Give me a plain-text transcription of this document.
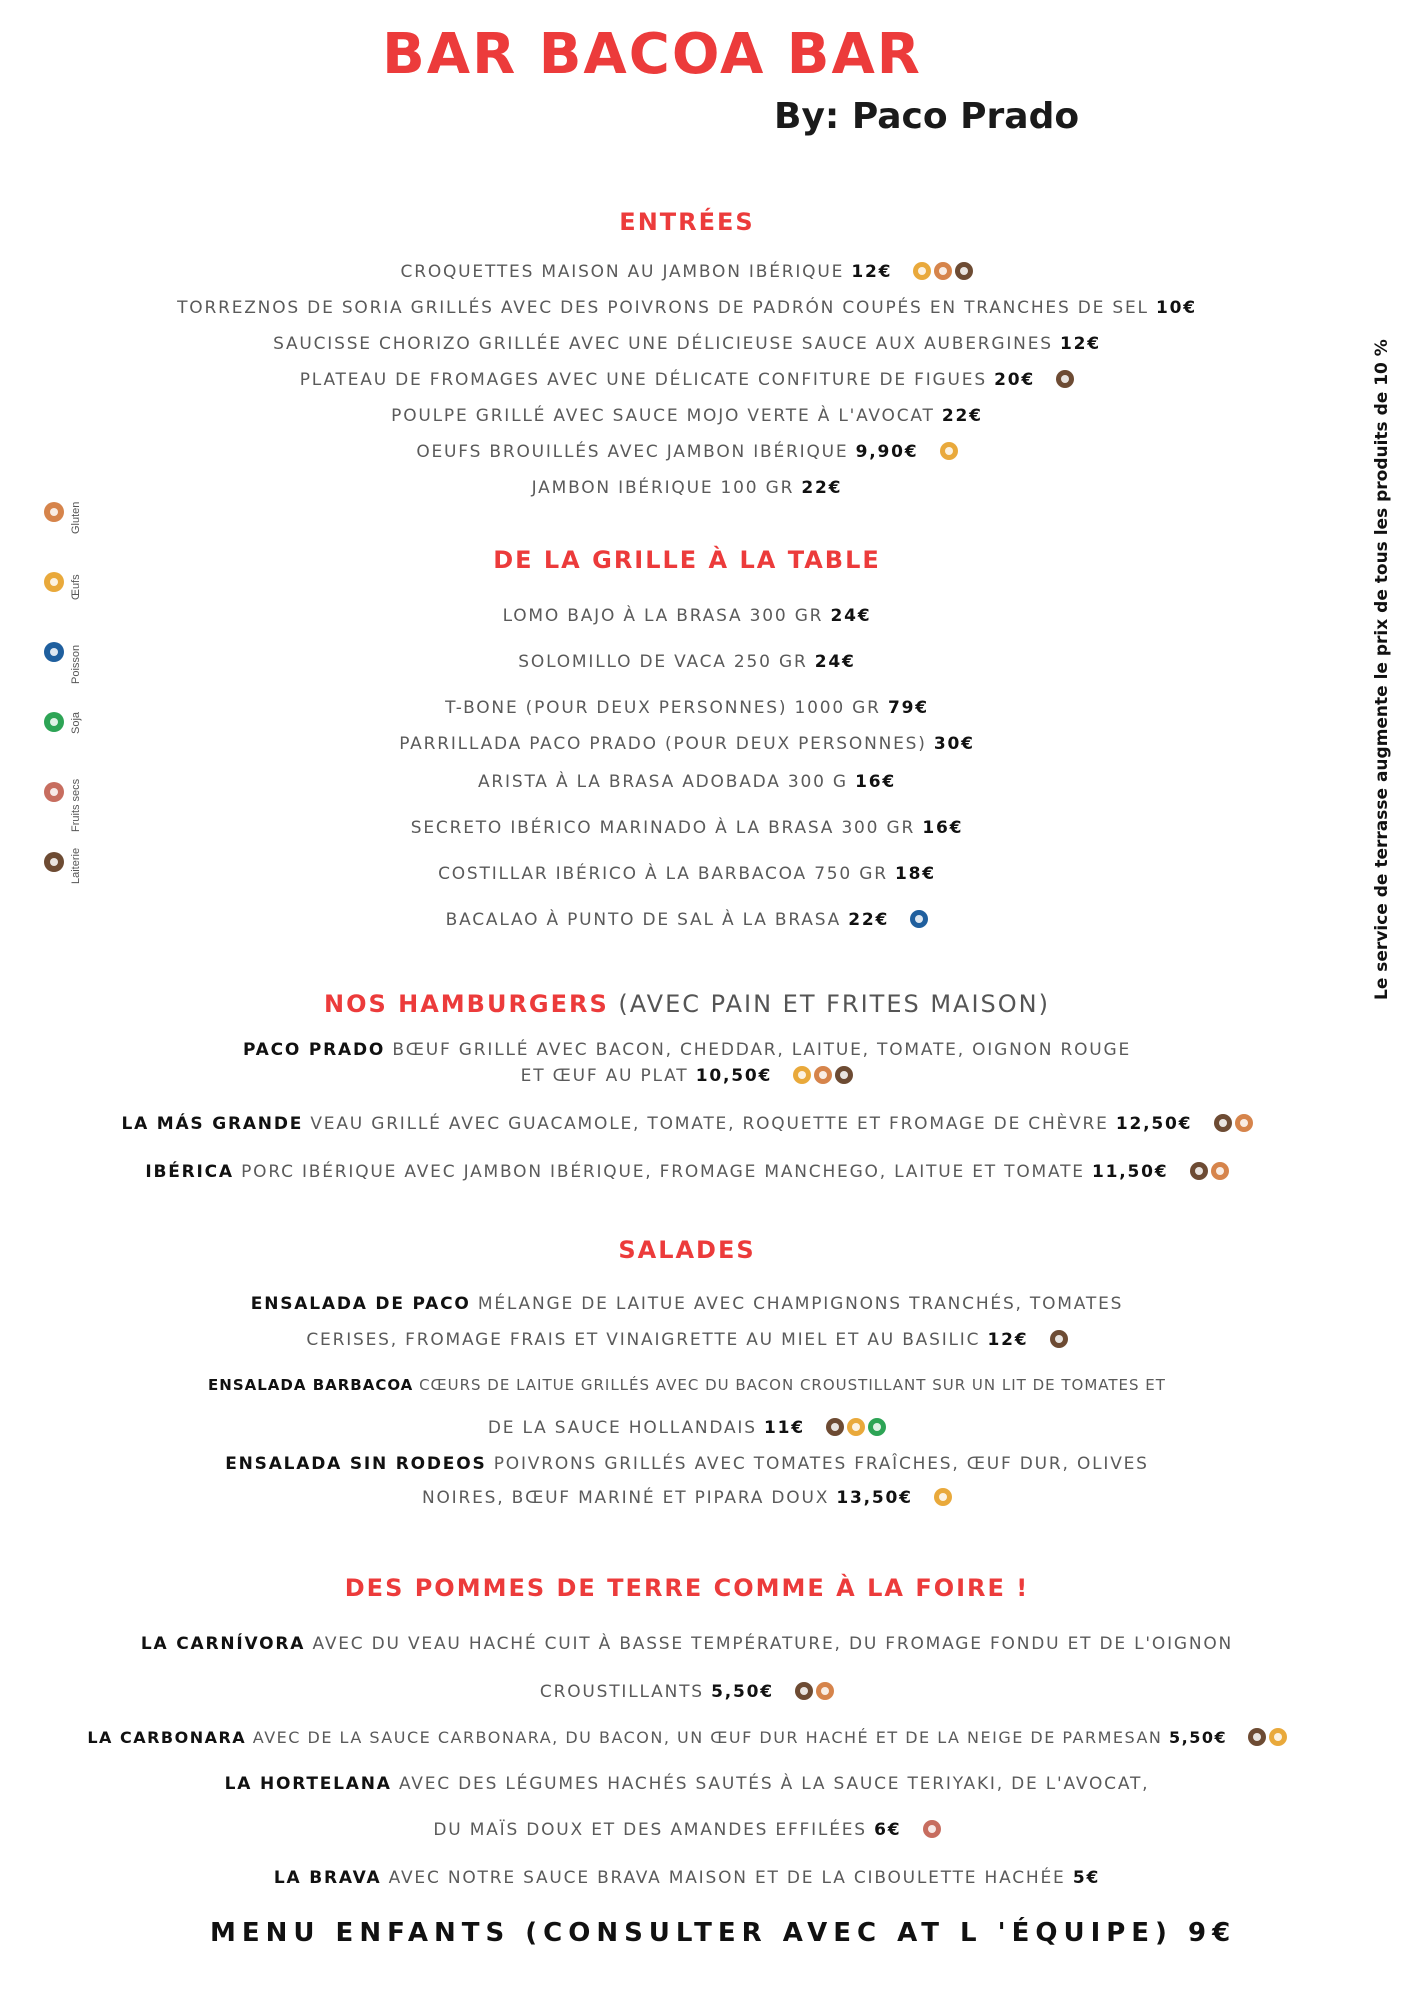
BAR BACOA BAR
By: Paco Prado
Gluten
Œufs
Poisson
Soja
Fruits secs
Laiterie	Le service de terrasse augmente le prix de tous les produits de 10 %
ENTRÉES
CROQUETTES MAISON AU JAMBON IBÉRIQUE 12€
TORREZNOS DE SORIA GRILLÉS AVEC DES POIVRONS DE PADRÓN COUPÉS EN TRANCHES DE SEL 10€
SAUCISSE CHORIZO GRILLÉE AVEC UNE DÉLICIEUSE SAUCE AUX AUBERGINES 12€
PLATEAU DE FROMAGES AVEC UNE DÉLICATE CONFITURE DE FIGUES 20€
POULPE GRILLÉ AVEC SAUCE MOJO VERTE À L'AVOCAT 22€
OEUFS BROUILLÉS AVEC JAMBON IBÉRIQUE 9,90€
JAMBON IBÉRIQUE 100 GR 22€
DE LA GRILLE À LA TABLE
LOMO BAJO À LA BRASA 300 GR 24€
SOLOMILLO DE VACA 250 GR 24€
T-BONE (POUR DEUX PERSONNES) 1000 GR 79€
PARRILLADA PACO PRADO (POUR DEUX PERSONNES) 30€
ARISTA À LA BRASA ADOBADA 300 G 16€
SECRETO IBÉRICO MARINADO À LA BRASA 300 GR 16€
COSTILLAR IBÉRICO À LA BARBACOA 750 GR 18€
BACALAO À PUNTO DE SAL À LA BRASA 22€
NOS HAMBURGERS (AVEC PAIN ET FRITES MAISON)
PACO PRADO BŒUF GRILLÉ AVEC BACON, CHEDDAR, LAITUE, TOMATE, OIGNON ROUGE
ET ŒUF AU PLAT 10,50€
LA MÁS GRANDE VEAU GRILLÉ AVEC GUACAMOLE, TOMATE, ROQUETTE ET FROMAGE DE CHÈVRE 12,50€
IBÉRICA PORC IBÉRIQUE AVEC JAMBON IBÉRIQUE, FROMAGE MANCHEGO, LAITUE ET TOMATE 11,50€
SALADES
ENSALADA DE PACO MÉLANGE DE LAITUE AVEC CHAMPIGNONS TRANCHÉS, TOMATES
CERISES, FROMAGE FRAIS ET VINAIGRETTE AU MIEL ET AU BASILIC 12€
ENSALADA BARBACOA CŒURS DE LAITUE GRILLÉS AVEC DU BACON CROUSTILLANT SUR UN LIT DE TOMATES ET
DE LA SAUCE HOLLANDAIS 11€
ENSALADA SIN RODEOS POIVRONS GRILLÉS AVEC TOMATES FRAÎCHES, ŒUF DUR, OLIVES
NOIRES, BŒUF MARINÉ ET PIPARA DOUX 13,50€
DES POMMES DE TERRE COMME À LA FOIRE !
LA CARNÍVORA AVEC DU VEAU HACHÉ CUIT À BASSE TEMPÉRATURE, DU FROMAGE FONDU ET DE L'OIGNON
CROUSTILLANTS 5,50€
LA CARBONARA AVEC DE LA SAUCE CARBONARA, DU BACON, UN ŒUF DUR HACHÉ ET DE LA NEIGE DE PARMESAN 5,50€
LA HORTELANA AVEC DES LÉGUMES HACHÉS SAUTÉS À LA SAUCE TERIYAKI, DE L'AVOCAT,
DU MAÏS DOUX ET DES AMANDES EFFILÉES 6€
LA BRAVA AVEC NOTRE SAUCE BRAVA MAISON ET DE LA CIBOULETTE HACHÉE 5€
MENU ENFANTS (CONSULTER AVEC AT L 'ÉQUIPE) 9€
